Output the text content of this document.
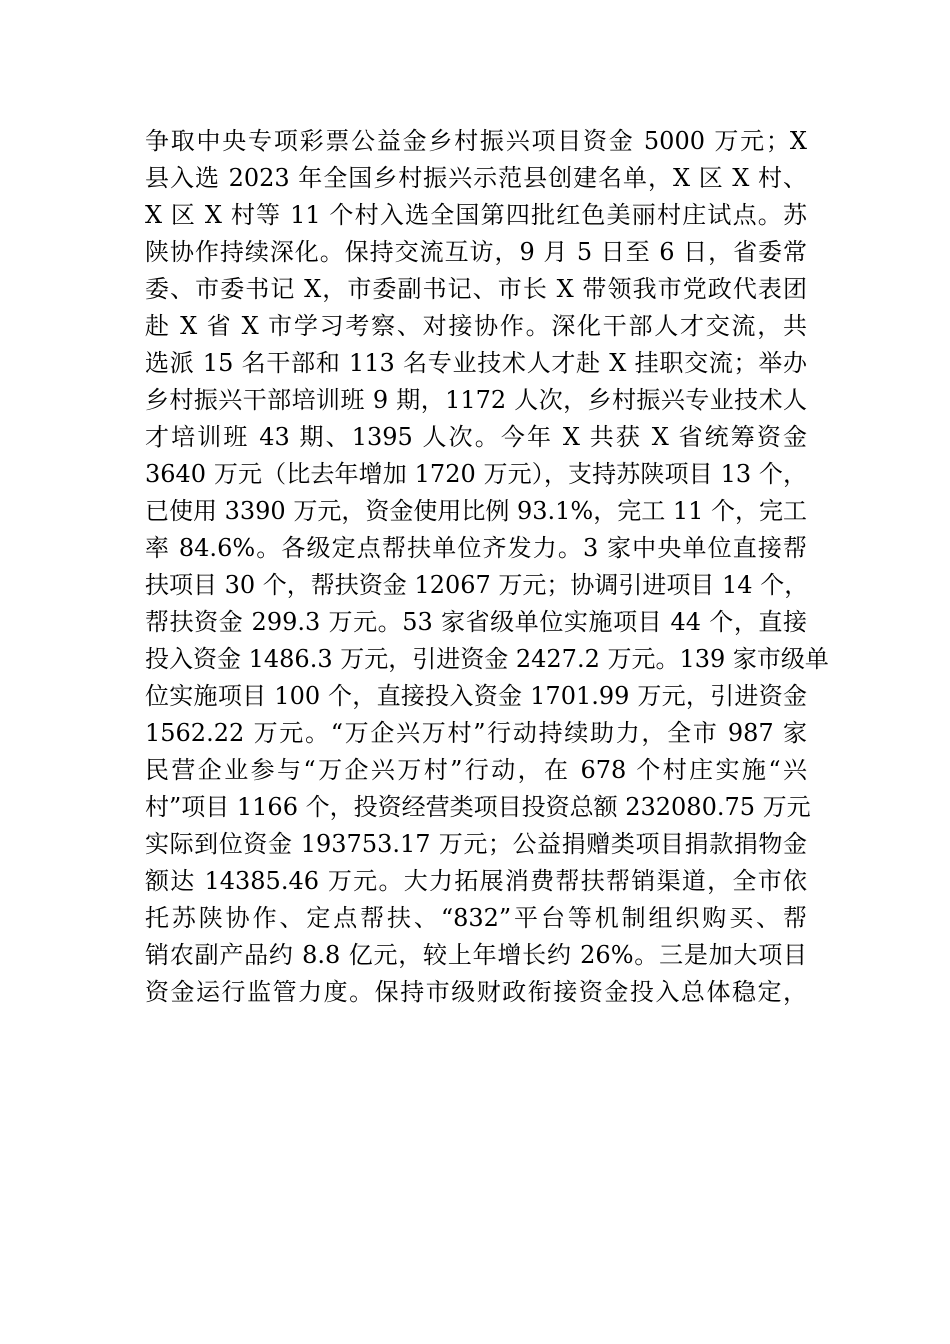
争取中央专项彩票公益金乡村振兴项目资金 5000 万元；X
县入选 2023 年全国乡村振兴示范县创建名单，X 区 X 村、
X 区 X 村等 11 个村入选全国第四批红色美丽村庄试点。苏
陕协作持续深化。保持交流互访，9 月 5 日至 6 日，省委常
委、市委书记 X，市委副书记、市长 X 带领我市党政代表团
赴 X 省 X 市学习考察、对接协作。深化干部人才交流，共
选派 15 名干部和 113 名专业技术人才赴 X 挂职交流；举办
乡村振兴干部培训班 9 期，1172 人次，乡村振兴专业技术人
才培训班 43 期、1395 人次。今年 X 共获 X 省统筹资金
3640 万元（比去年增加 1720 万元），支持苏陕项目 13 个，
已使用 3390 万元，资金使用比例 93.1%，完工 11 个，完工
率 84.6%。各级定点帮扶单位齐发力。3 家中央单位直接帮
扶项目 30 个，帮扶资金 12067 万元；协调引进项目 14 个，
帮扶资金 299.3 万元。53 家省级单位实施项目 44 个，直接
投入资金 1486.3 万元，引进资金 2427.2 万元。139 家市级单
位实施项目 100 个，直接投入资金 1701.99 万元，引进资金
1562.22 万元。“万企兴万村”行动持续助力，全市 987 家
民营企业参与“万企兴万村”行动，在 678 个村庄实施“兴
村”项目 1166 个，投资经营类项目投资总额 232080.75 万元
实际到位资金 193753.17 万元；公益捐赠类项目捐款捐物金
额达 14385.46 万元。大力拓展消费帮扶帮销渠道，全市依
托苏陕协作、定点帮扶、“832”平台等机制组织购买、帮
销农副产品约 8.8 亿元，较上年增长约 26%。三是加大项目
资金运行监管力度。保持市级财政衔接资金投入总体稳定，
